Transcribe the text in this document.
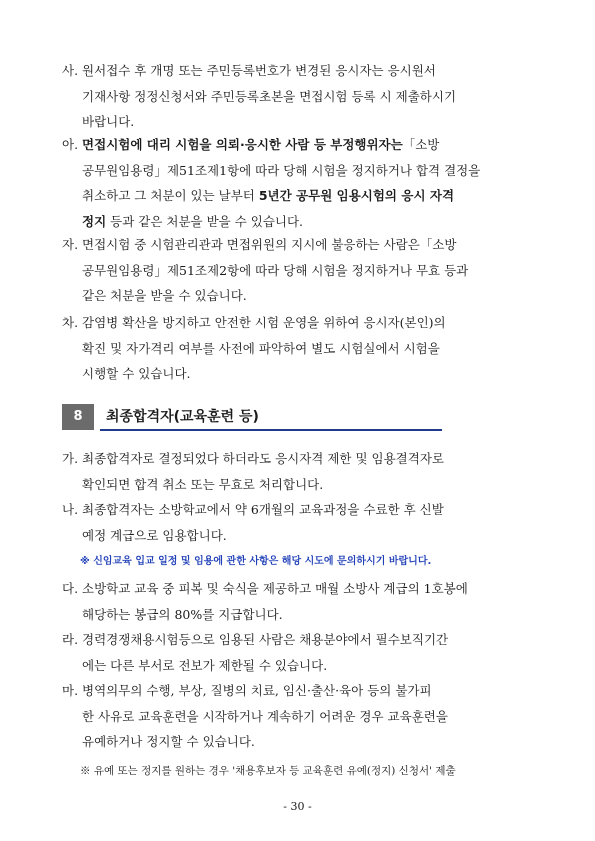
사. 원서접수 후 개명 또는 주민등록번호가 변경된 응시자는 응시원서
기재사항 정정신청서와 주민등록초본을 면접시험 등록 시 제출하시기
바랍니다.
아. 면접시험에 대리 시험을 의뢰·응시한 사람 등 부정행위자는「소방
공무원임용령」제51조제1항에 따라 당해 시험을 정지하거나 합격 결정을
취소하고 그 처분이 있는 날부터 5년간 공무원 임용시험의 응시 자격
정지 등과 같은 처분을 받을 수 있습니다.
자. 면접시험 중 시험관리관과 면접위원의 지시에 불응하는 사람은「소방
공무원임용령」제51조제2항에 따라 당해 시험을 정지하거나 무효 등과
같은 처분을 받을 수 있습니다.
차. 감염병 확산을 방지하고 안전한 시험 운영을 위하여 응시자(본인)의
확진 및 자가격리 여부를 사전에 파악하여 별도 시험실에서 시험을
시행할 수 있습니다.
8	최종합격자(교육훈련 등)
가. 최종합격자로 결정되었다 하더라도 응시자격 제한 및 임용결격자로
확인되면 합격 취소 또는 무효로 처리합니다.
나. 최종합격자는 소방학교에서 약 6개월의 교육과정을 수료한 후 신발
예정 계급으로 임용합니다.
※ 신임교육 입교 일정 및 임용에 관한 사항은 해당 시도에 문의하시기 바랍니다.
다. 소방학교 교육 중 피복 및 숙식을 제공하고 매월 소방사 계급의 1호봉에
해당하는 봉급의 80%를 지급합니다.
라. 경력경쟁채용시험등으로 임용된 사람은 채용분야에서 필수보직기간
에는 다른 부서로 전보가 제한될 수 있습니다.
마. 병역의무의 수행, 부상, 질병의 치료, 임신·출산·육아 등의 불가피
한 사유로 교육훈련을 시작하거나 계속하기 어려운 경우 교육훈련을
유예하거나 정지할 수 있습니다.
※ 유예 또는 정지를 원하는 경우 '채용후보자 등 교육훈련 유예(정지) 신청서' 제출
- 30 -
